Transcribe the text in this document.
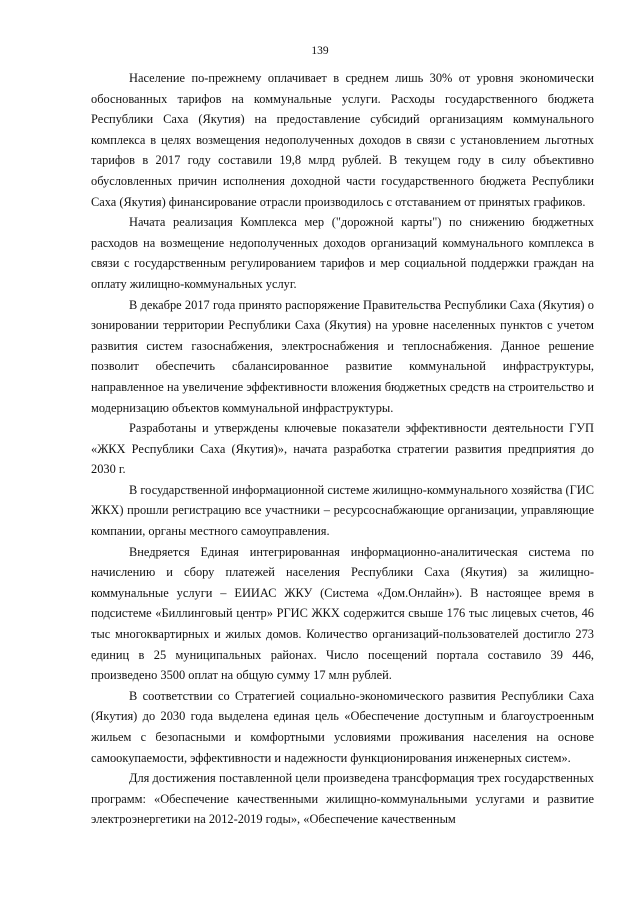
139

Население по-прежнему оплачивает в среднем лишь 30% от уровня экономически обоснованных тарифов на коммунальные услуги. Расходы государственного бюджета Республики Саха (Якутия) на предоставление субсидий организациям коммунального комплекса в целях возмещения недополученных доходов в связи с установлением льготных тарифов в 2017 году составили 19,8 млрд рублей. В текущем году в силу объективно обусловленных причин исполнения доходной части государственного бюджета Республики Саха (Якутия) финансирование отрасли производилось с отставанием от принятых графиков.

Начата реализация Комплекса мер ("дорожной карты") по снижению бюджетных расходов на возмещение недополученных доходов организаций коммунального комплекса в связи с государственным регулированием тарифов и мер социальной поддержки граждан на оплату жилищно-коммунальных услуг.

В декабре 2017 года принято распоряжение Правительства Республики Саха (Якутия) о зонировании территории Республики Саха (Якутия) на уровне населенных пунктов с учетом развития систем газоснабжения, электроснабжения и теплоснабжения. Данное решение позволит обеспечить сбалансированное развитие коммунальной инфраструктуры, направленное на увеличение эффективности вложения бюджетных средств на строительство и модернизацию объектов коммунальной инфраструктуры.

Разработаны и утверждены ключевые показатели эффективности деятельности ГУП «ЖКХ Республики Саха (Якутия)», начата разработка стратегии развития предприятия до 2030 г.

В государственной информационной системе жилищно-коммунального хозяйства (ГИС ЖКХ) прошли регистрацию все участники – ресурсоснабжающие организации, управляющие компании, органы местного самоуправления.

Внедряется Единая интегрированная информационно-аналитическая система по начислению и сбору платежей населения Республики Саха (Якутия) за жилищно-коммунальные услуги – ЕИИАС ЖКУ (Система «Дом.Онлайн»). В настоящее время в подсистеме «Биллинговый центр» РГИС ЖКХ содержится свыше 176 тыс лицевых счетов, 46 тыс многоквартирных и жилых домов. Количество организаций-пользователей достигло 273 единиц в 25 муниципальных районах. Число посещений портала составило 39 446, произведено 3500 оплат на общую сумму 17 млн рублей.

В соответствии со Стратегией социально-экономического развития Республики Саха (Якутия) до 2030 года выделена единая цель «Обеспечение доступным и благоустроенным жильем с безопасными и комфортными условиями проживания населения на основе самоокупаемости, эффективности и надежности функционирования инженерных систем».

Для достижения поставленной цели произведена трансформация трех государственных программ: «Обеспечение качественными жилищно-коммунальными услугами и развитие электроэнергетики на 2012-2019 годы», «Обеспечение качественным
